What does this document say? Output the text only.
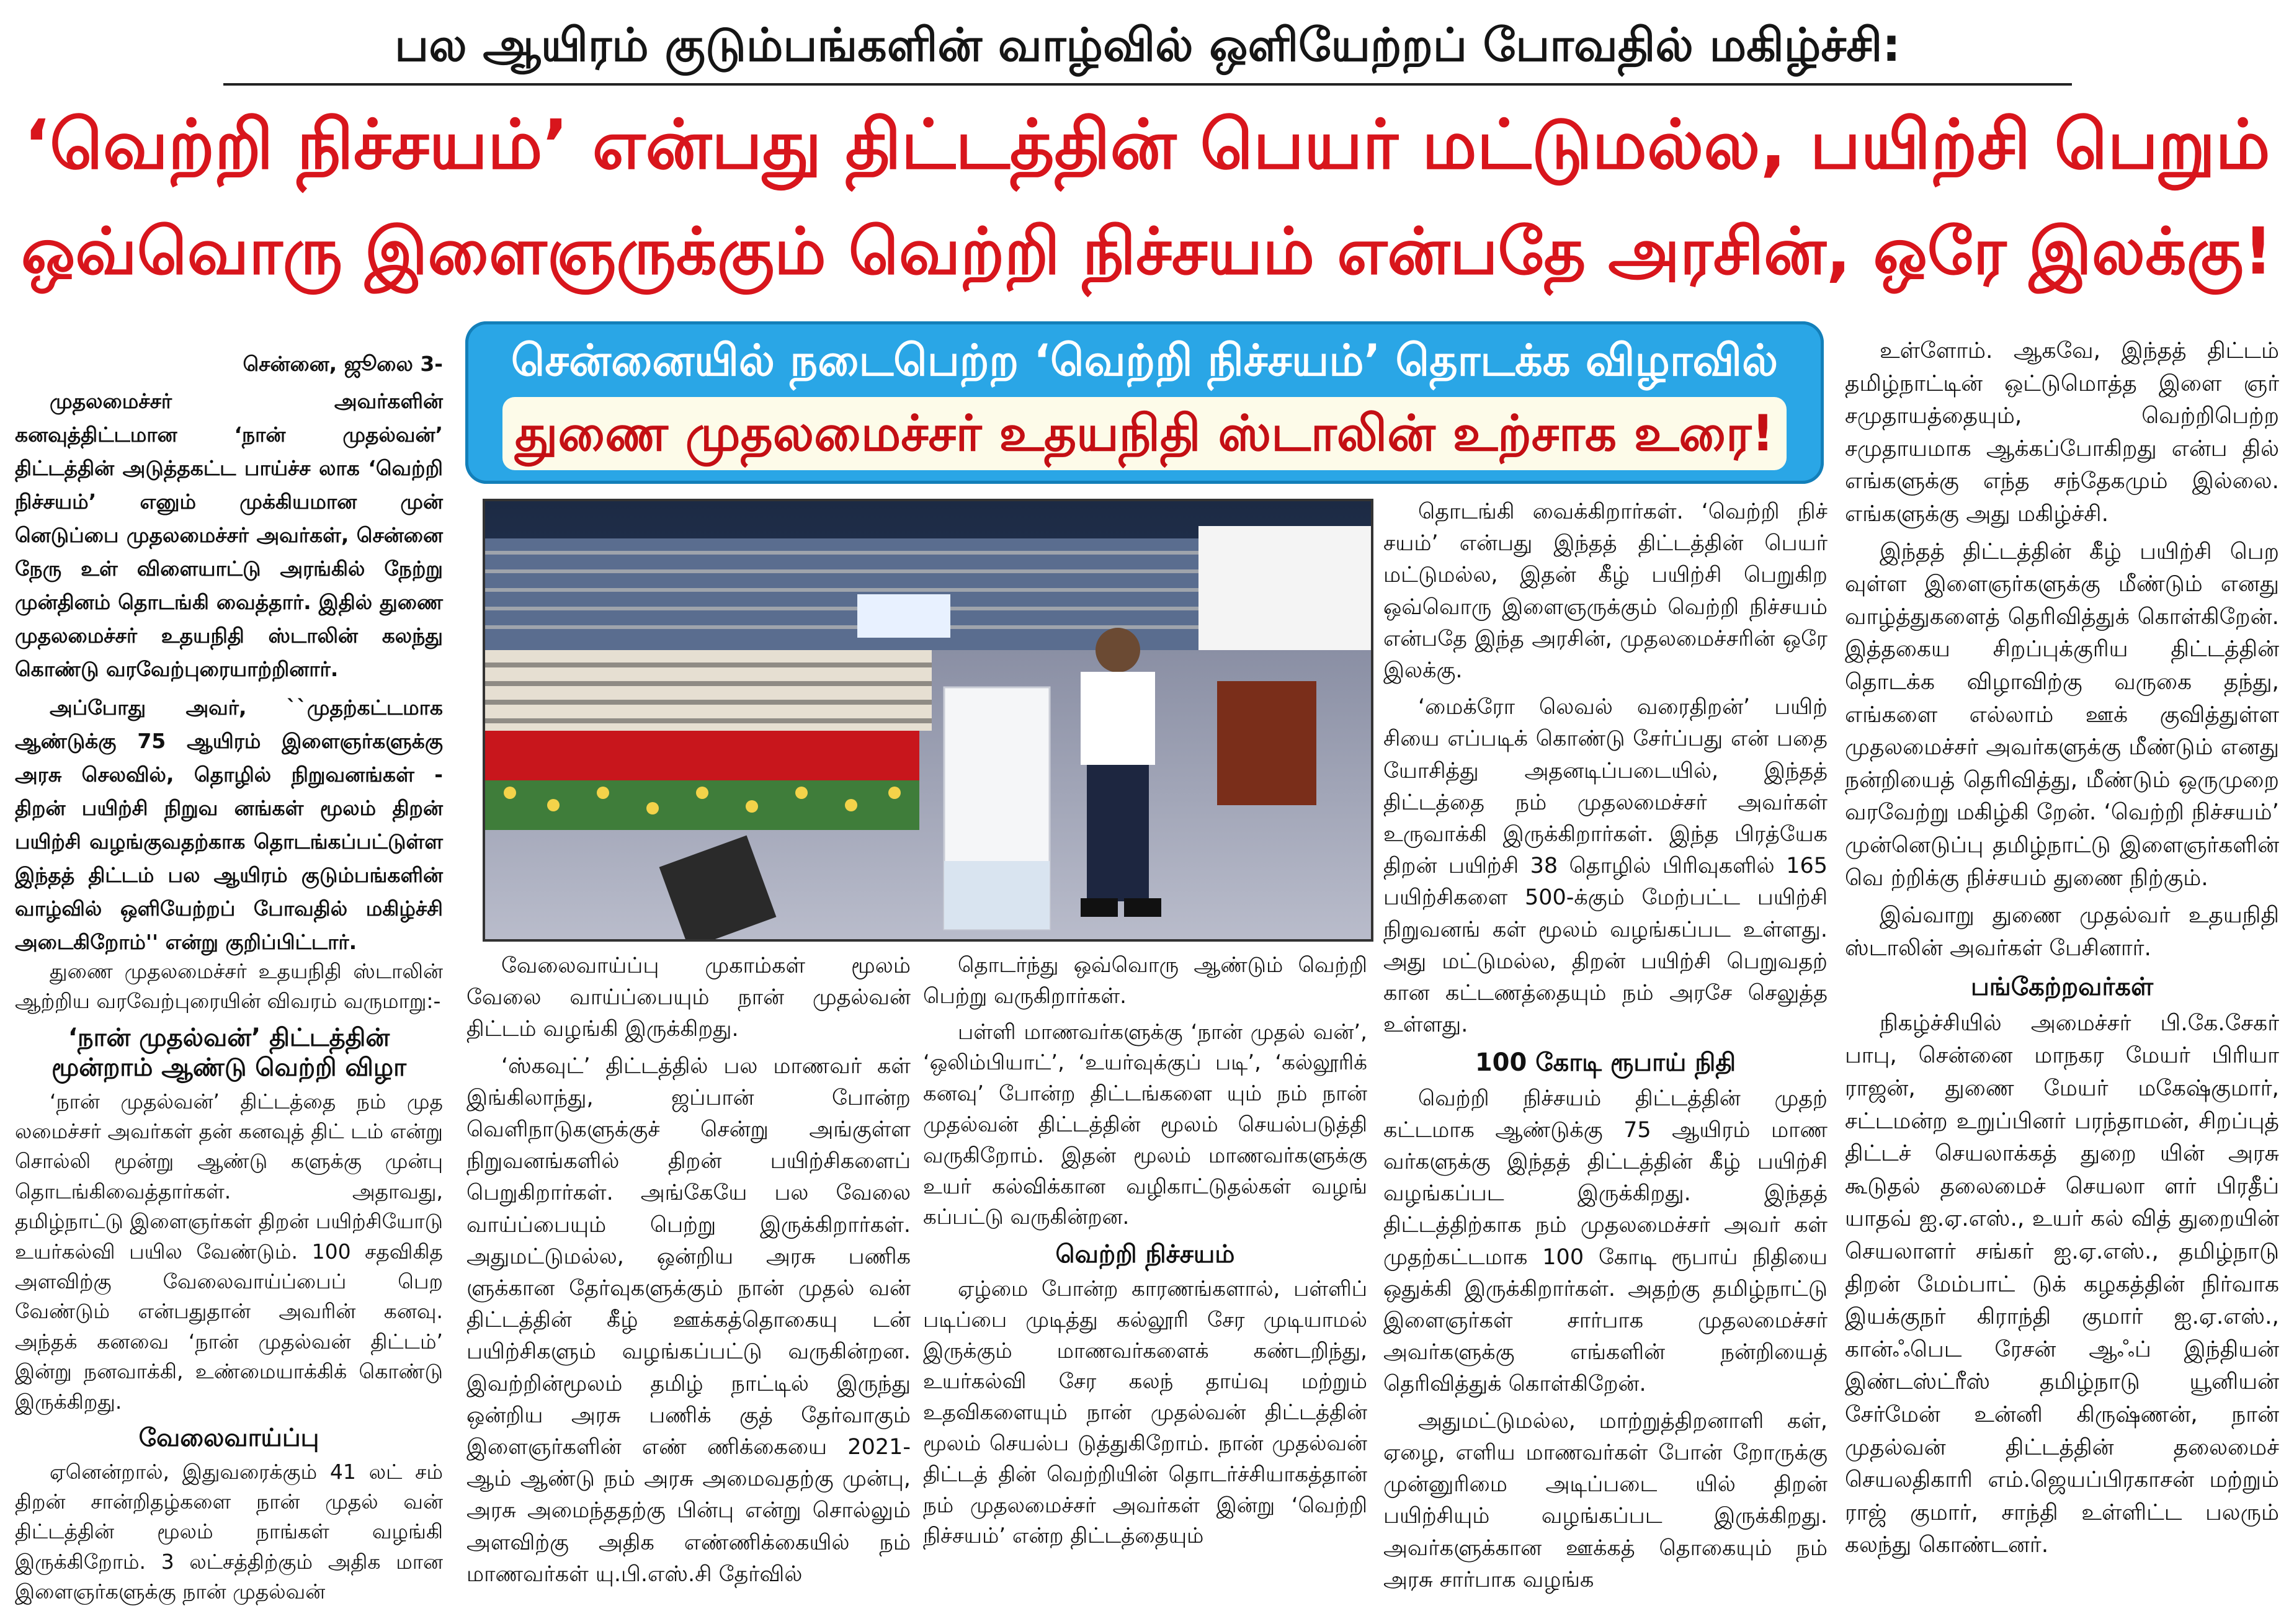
பல ஆயிரம் குடும்பங்களின் வாழ்வில் ஒளியேற்றப் போவதில் மகிழ்ச்சி:
‘வெற்றி நிச்சயம்’ என்பது திட்டத்தின் பெயர் மட்டுமல்ல, பயிற்சி பெறும்
ஒவ்வொரு இளைஞருக்கும் வெற்றி நிச்சயம் என்பதே அரசின், ஒரே இலக்கு!
சென்னையில் நடைபெற்ற ‘வெற்றி நிச்சயம்’ தொடக்க விழாவில்
துணை முதலமைச்சர் உதயநிதி ஸ்டாலின் உற்சாக உரை!
சென்னை, ஜூலை 3-

முதலமைச்சர் அவர்களின் கனவுத்திட்டமான ‘நான் முதல்வன்’ திட்டத்தின் அடுத்தகட்ட பாய்ச்ச லாக ‘வெற்றி நிச்சயம்’ எனும் முக்கியமான முன் னெடுப்பை முதலமைச்சர் அவர்கள், சென்னை நேரு உள் விளையாட்டு அரங்கில் நேற்று முன்தினம் தொடங்கி வைத்தார். இதில் துணை முதலமைச்சர் உதயநிதி ஸ்டாலின் கலந்து கொண்டு வரவேற்புரையாற்றினார்.

அப்போது அவர், ``முதற்கட்டமாக ஆண்டுக்கு 75 ஆயிரம் இளைஞர்களுக்கு அரசு செலவில், தொழில் நிறுவனங்கள் - திறன் பயிற்சி நிறுவ னங்கள் மூலம் திறன் பயிற்சி வழங்குவதற்காக தொடங்கப்பட்டுள்ள இந்தத் திட்டம் பல ஆயிரம் குடும்பங்களின் வாழ்வில் ஒளியேற்றப் போவதில் மகிழ்ச்சி அடைகிறோம்'' என்று குறிப்பிட்டார்.

துணை முதலமைச்சர் உதயநிதி ஸ்டாலின் ஆற்றிய வரவேற்புரையின் விவரம் வருமாறு:-

‘நான் முதல்வன்’ திட்டத்தின் மூன்றாம் ஆண்டு வெற்றி விழா

‘நான் முதல்வன்’ திட்டத்தை நம் முத லமைச்சர் அவர்கள் தன் கனவுத் திட் டம் என்று சொல்லி மூன்று ஆண்டு களுக்கு முன்பு தொடங்கிவைத்தார்கள். அதாவது, தமிழ்நாட்டு இளைஞர்கள் திறன் பயிற்சியோடு உயர்கல்வி பயில வேண்டும். 100 சதவிகித அளவிற்கு வேலைவாய்ப்பைப் பெற வேண்டும் என்பதுதான் அவரின் கனவு. அந்தக் கனவை ‘நான் முதல்வன் திட்டம்’ இன்று நனவாக்கி, உண்மையாக்கிக் கொண்டு இருக்கிறது.

வேலைவாய்ப்பு

ஏனென்றால், இதுவரைக்கும் 41 லட் சம் திறன் சான்றிதழ்களை நான் முதல் வன் திட்டத்தின் மூலம் நாங்கள் வழங்கி இருக்கிறோம். 3 லட்சத்திற்கும் அதிக மான இளைஞர்களுக்கு நான் முதல்வன்

வேலைவாய்ப்பு முகாம்கள் மூலம் வேலை வாய்ப்பையும் நான் முதல்வன் திட்டம் வழங்கி இருக்கிறது.

‘ஸ்கவுட்’ திட்டத்தில் பல மாணவர் கள் இங்கிலாந்து, ஜப்பான் போன்ற வெளிநாடுகளுக்குச் சென்று அங்குள்ள நிறுவனங்களில் திறன் பயிற்சிகளைப் பெறுகிறார்கள். அங்கேயே பல வேலை வாய்ப்பையும் பெற்று இருக்கிறார்கள். அதுமட்டுமல்ல, ஒன்றிய அரசு பணிக ளுக்கான தேர்வுகளுக்கும் நான் முதல் வன் திட்டத்தின் கீழ் ஊக்கத்தொகையு டன் பயிற்சிகளும் வழங்கப்பட்டு வருகின்றன. இவற்றின்மூலம் தமிழ் நாட்டில் இருந்து ஒன்றிய அரசு பணிக் குத் தேர்வாகும் இளைஞர்களின் எண் ணிக்கையை 2021-ஆம் ஆண்டு நம் அரசு அமைவதற்கு முன்பு, அரசு அமைந்ததற்கு பின்பு என்று சொல்லும் அளவிற்கு அதிக எண்ணிக்கையில் நம் மாணவர்கள் யு.பி.எஸ்.சி தேர்வில்

தொடர்ந்து ஒவ்வொரு ஆண்டும் வெற்றி பெற்று வருகிறார்கள்.

பள்ளி மாணவர்களுக்கு ‘நான் முதல் வன்’, ‘ஒலிம்பியாட்’, ‘உயர்வுக்குப் படி’, ‘கல்லூரிக் கனவு’ போன்ற திட்டங்களை யும் நம் நான் முதல்வன் திட்டத்தின் மூலம் செயல்படுத்தி வருகிறோம். இதன் மூலம் மாணவர்களுக்கு உயர் கல்விக்கான வழிகாட்டுதல்கள் வழங் கப்பட்டு வருகின்றன.

வெற்றி நிச்சயம்

ஏழ்மை போன்ற காரணங்களால், பள்ளிப் படிப்பை முடித்து கல்லூரி சேர முடியாமல் இருக்கும் மாணவர்களைக் கண்டறிந்து, உயர்கல்வி சேர கலந் தாய்வு மற்றும் உதவிகளையும் நான் முதல்வன் திட்டத்தின் மூலம் செயல்ப டுத்துகிறோம். நான் முதல்வன் திட்டத் தின் வெற்றியின் தொடர்ச்சியாகத்தான் நம் முதலமைச்சர் அவர்கள் இன்று ‘வெற்றி நிச்சயம்’ என்ற திட்டத்தையும்

தொடங்கி வைக்கிறார்கள். ‘வெற்றி நிச் சயம்’ என்பது இந்தத் திட்டத்தின் பெயர் மட்டுமல்ல, இதன் கீழ் பயிற்சி பெறுகிற ஒவ்வொரு இளைஞருக்கும் வெற்றி நிச்சயம் என்பதே இந்த அரசின், முதலமைச்சரின் ஒரே இலக்கு.

‘மைக்ரோ லெவல் வரைதிறன்’ பயிற் சியை எப்படிக் கொண்டு சேர்ப்பது என் பதை யோசித்து அதனடிப்படையில், இந்தத் திட்டத்தை நம் முதலமைச்சர் அவர்கள் உருவாக்கி இருக்கிறார்கள். இந்த பிரத்யேக திறன் பயிற்சி 38 தொழில் பிரிவுகளில் 165 பயிற்சிகளை 500-க்கும் மேற்பட்ட பயிற்சி நிறுவனங் கள் மூலம் வழங்கப்பட உள்ளது. அது மட்டுமல்ல, திறன் பயிற்சி பெறுவதற் கான கட்டணத்தையும் நம் அரசே செலுத்த உள்ளது.

100 கோடி ரூபாய் நிதி

வெற்றி நிச்சயம் திட்டத்தின் முதற் கட்டமாக ஆண்டுக்கு 75 ஆயிரம் மாண வர்களுக்கு இந்தத் திட்டத்தின் கீழ் பயிற்சி வழங்கப்பட இருக்கிறது. இந்தத் திட்டத்திற்காக நம் முதலமைச்சர் அவர் கள் முதற்கட்டமாக 100 கோடி ரூபாய் நிதியை ஒதுக்கி இருக்கிறார்கள். அதற்கு தமிழ்நாட்டு இளைஞர்கள் சார்பாக முதலமைச்சர் அவர்களுக்கு எங்களின் நன்றியைத் தெரிவித்துக் கொள்கிறேன்.

அதுமட்டுமல்ல, மாற்றுத்திறனாளி கள், ஏழை, எளிய மாணவர்கள் போன் றோருக்கு முன்னுரிமை அடிப்படை யில் திறன் பயிற்சியும் வழங்கப்பட இருக்கிறது. அவர்களுக்கான ஊக்கத் தொகையும் நம் அரசு சார்பாக வழங்க

உள்ளோம். ஆகவே, இந்தத் திட்டம் தமிழ்நாட்டின் ஒட்டுமொத்த இளை ஞர் சமுதாயத்தையும், வெற்றிபெற்ற சமுதாயமாக ஆக்கப்போகிறது என்ப தில் எங்களுக்கு எந்த சந்தேகமும் இல்லை. எங்களுக்கு அது மகிழ்ச்சி.

இந்தத் திட்டத்தின் கீழ் பயிற்சி பெற வுள்ள இளைஞர்களுக்கு மீண்டும் எனது வாழ்த்துகளைத் தெரிவித்துக் கொள்கிறேன். இத்தகைய சிறப்புக்குரிய திட்டத்தின் தொடக்க விழாவிற்கு வருகை தந்து, எங்களை எல்லாம் ஊக் குவித்துள்ள முதலமைச்சர் அவர்களுக்கு மீண்டும் எனது நன்றியைத் தெரிவித்து, மீண்டும் ஒருமுறை வரவேற்று மகிழ்கி றேன். ‘வெற்றி நிச்சயம்’ முன்னெடுப்பு தமிழ்நாட்டு இளைஞர்களின் வெ ற்றிக்கு நிச்சயம் துணை நிற்கும்.

இவ்வாறு துணை முதல்வர் உதயநிதி ஸ்டாலின் அவர்கள் பேசினார்.

பங்கேற்றவர்கள்

நிகழ்ச்சியில் அமைச்சர் பி.கே.சேகர் பாபு, சென்னை மாநகர மேயர் பிரியா ராஜன், துணை மேயர் மகேஷ்குமார், சட்டமன்ற உறுப்பினர் பரந்தாமன், சிறப்புத் திட்டச் செயலாக்கத் துறை யின் அரசு கூடுதல் தலைமைச் செயலா ளர் பிரதீப் யாதவ் ஐ.ஏ.எஸ்., உயர் கல் வித் துறையின் செயலாளர் சங்கர் ஐ.ஏ.எஸ்., தமிழ்நாடு திறன் மேம்பாட் டுக் கழகத்தின் நிர்வாக இயக்குநர் கிராந்தி குமார் ஐ.ஏ.எஸ்., கான்ஃபெட ரேசன் ஆஃப் இந்தியன் இண்டஸ்ட்ரீஸ் தமிழ்நாடு யூனியன் சேர்மேன் உன்னி கிருஷ்ணன், நான் முதல்வன் திட்டத்தின் தலைமைச் செயலதிகாரி எம்.ஜெயப்பிரகாசன் மற்றும் ராஜ் குமார், சாந்தி உள்ளிட்ட பலரும் கலந்து கொண்டனர்.
